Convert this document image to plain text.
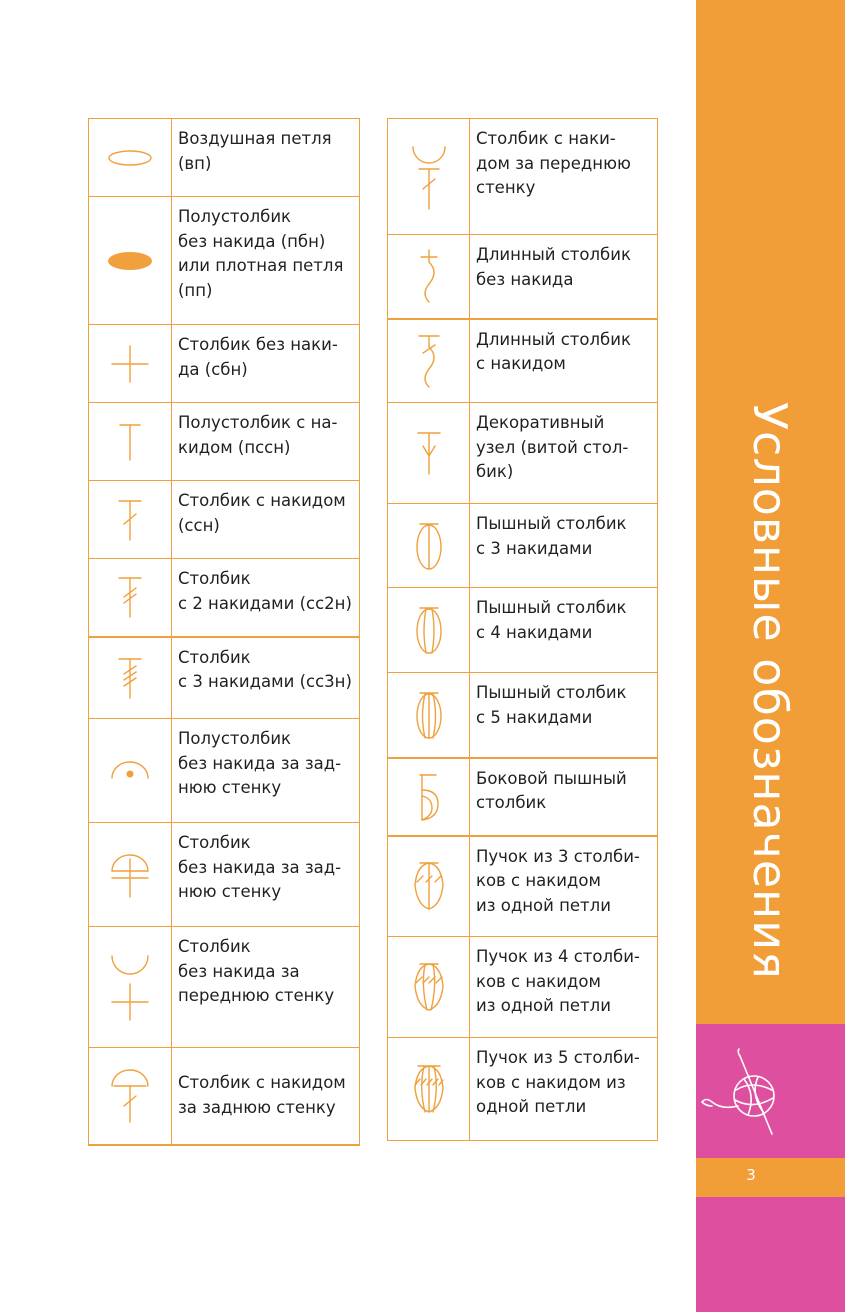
Условные обозначения
3

Воздушная петля
(вп)

Полустолбик
без накида (пбн)
или плотная петля
(пп)

Столбик без наки-
да (сбн)

Полустолбик с на-
кидом (пссн)

Столбик с накидом
(ссн)

Столбик
с 2 накидами (сс2н)

Столбик
с 3 накидами (сс3н)

Полустолбик
без накида за зад-
нюю стенку

Столбик
без накида за зад-
нюю стенку

Столбик
без накида за
переднюю стенку

Столбик с накидом
за заднюю стенку

Столбик с наки-
дом за переднюю
стенку

Длинный столбик
без накида

Длинный столбик
с накидом

Декоративный
узел (витой стол-
бик)

Пышный столбик
с 3 накидами

Пышный столбик
с 4 накидами

Пышный столбик
с 5 накидами

Боковой пышный
столбик

Пучок из 3 столби-
ков с накидом
из одной петли

Пучок из 4 столби-
ков с накидом
из одной петли

Пучок из 5 столби-
ков с накидом из
одной петли
